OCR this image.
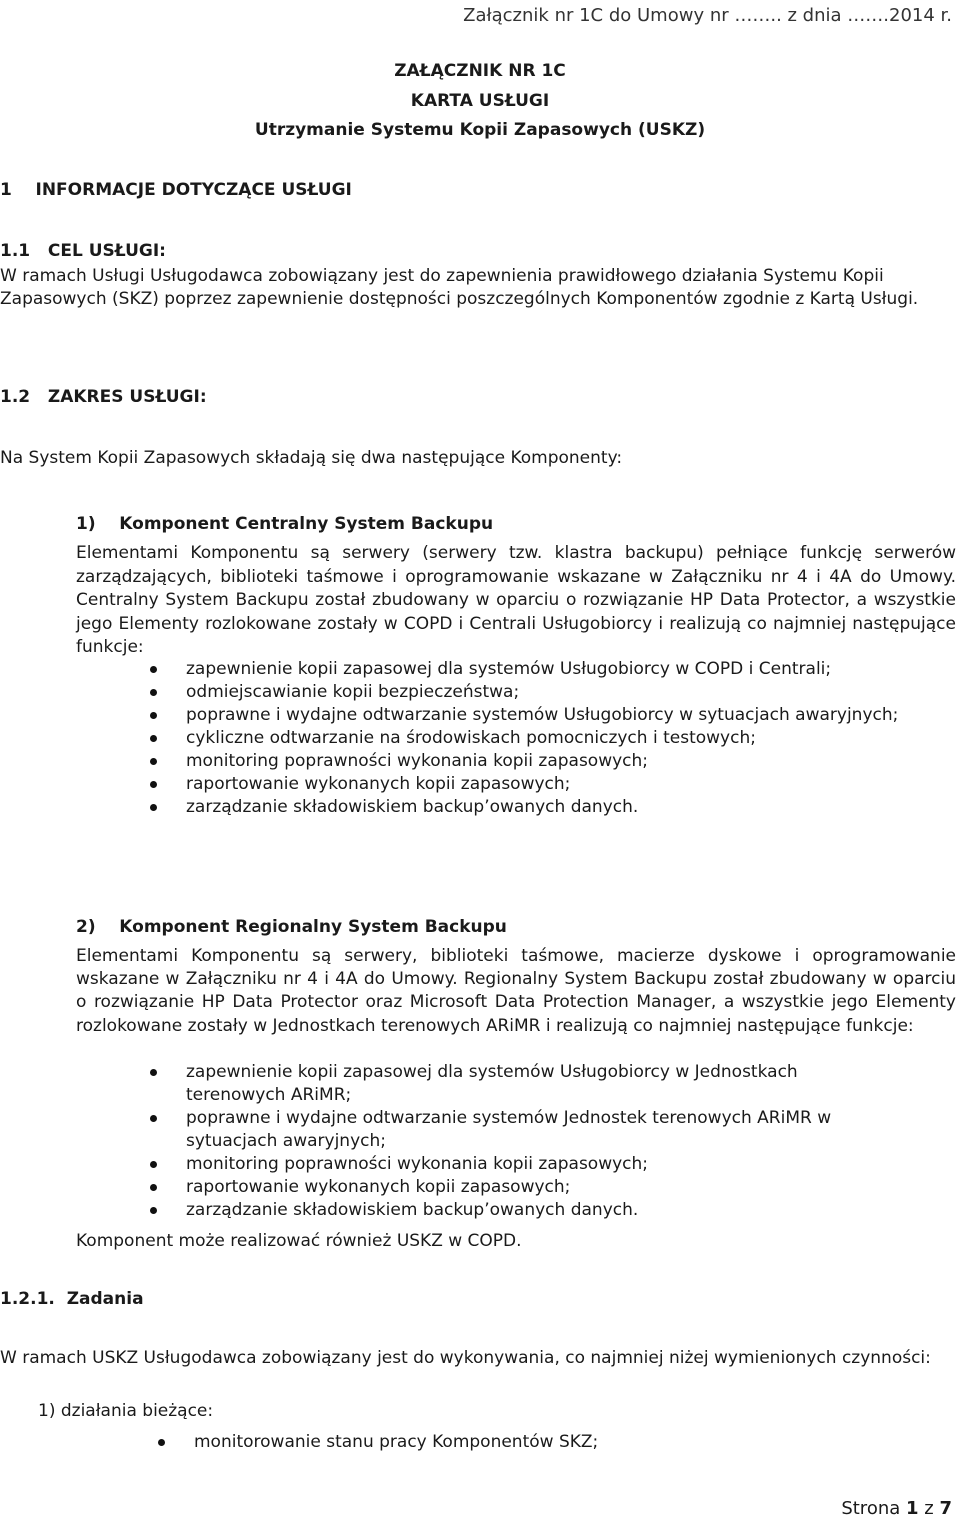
Załącznik nr 1C do Umowy nr …….. z dnia …….2014 r.
ZAŁĄCZNIK NR 1C
KARTA USŁUGI
Utrzymanie Systemu Kopii Zapasowych (USKZ)
1    INFORMACJE DOTYCZĄCE USŁUGI
1.1   CEL USŁUGI:

W ramach Usługi Usługodawca zobowiązany jest do zapewnienia prawidłowego działania Systemu Kopii Zapasowych (SKZ) poprzez zapewnienie dostępności poszczególnych Komponentów zgodnie z Kartą Usługi.

1.2   ZAKRES USŁUGI:
Na System Kopii Zapasowych składają się dwa następujące Komponenty:
1)    Komponent Centralny System Backupu

Elementami Komponentu są serwery (serwery tzw. klastra backupu) pełniące funkcję serwerów zarządzających, biblioteki taśmowe i oprogramowanie wskazane w Załączniku nr 4 i 4A do Umowy. Centralny System Backupu został zbudowany w oparciu o rozwiązanie HP Data Protector, a wszystkie jego Elementy rozlokowane zostały w COPD i Centrali Usługobiorcy i realizują co najmniej następujące funkcje:

zapewnienie kopii zapasowej dla systemów Usługobiorcy w COPD i Centrali;
odmiejscawianie kopii bezpieczeństwa;
poprawne i wydajne odtwarzanie systemów Usługobiorcy w sytuacjach awaryjnych;
cykliczne odtwarzanie na środowiskach pomocniczych i testowych;
monitoring poprawności wykonania kopii zapasowych;
raportowanie wykonanych kopii zapasowych;
zarządzanie składowiskiem backup’owanych danych.
2)    Komponent Regionalny System Backupu

Elementami Komponentu są serwery, biblioteki taśmowe, macierze dyskowe i oprogramowanie wskazane w Załączniku nr 4 i 4A do Umowy. Regionalny System Backupu został zbudowany w oparciu o rozwiązanie HP Data Protector oraz Microsoft Data Protection Manager, a wszystkie jego Elementy rozlokowane zostały w Jednostkach terenowych ARiMR i realizują co najmniej następujące funkcje:

zapewnienie kopii zapasowej dla systemów Usługobiorcy w Jednostkach terenowych ARiMR;
poprawne i wydajne odtwarzanie systemów Jednostek terenowych ARiMR w sytuacjach awaryjnych;
monitoring poprawności wykonania kopii zapasowych;
raportowanie wykonanych kopii zapasowych;
zarządzanie składowiskiem backup’owanych danych.
Komponent może realizować również USKZ w COPD.
1.2.1.  Zadania

W ramach USKZ Usługodawca zobowiązany jest do wykonywania, co najmniej niżej wymienionych czynności:

1) działania bieżące:
monitorowanie stanu pracy Komponentów SKZ;
Strona 1 z 7
